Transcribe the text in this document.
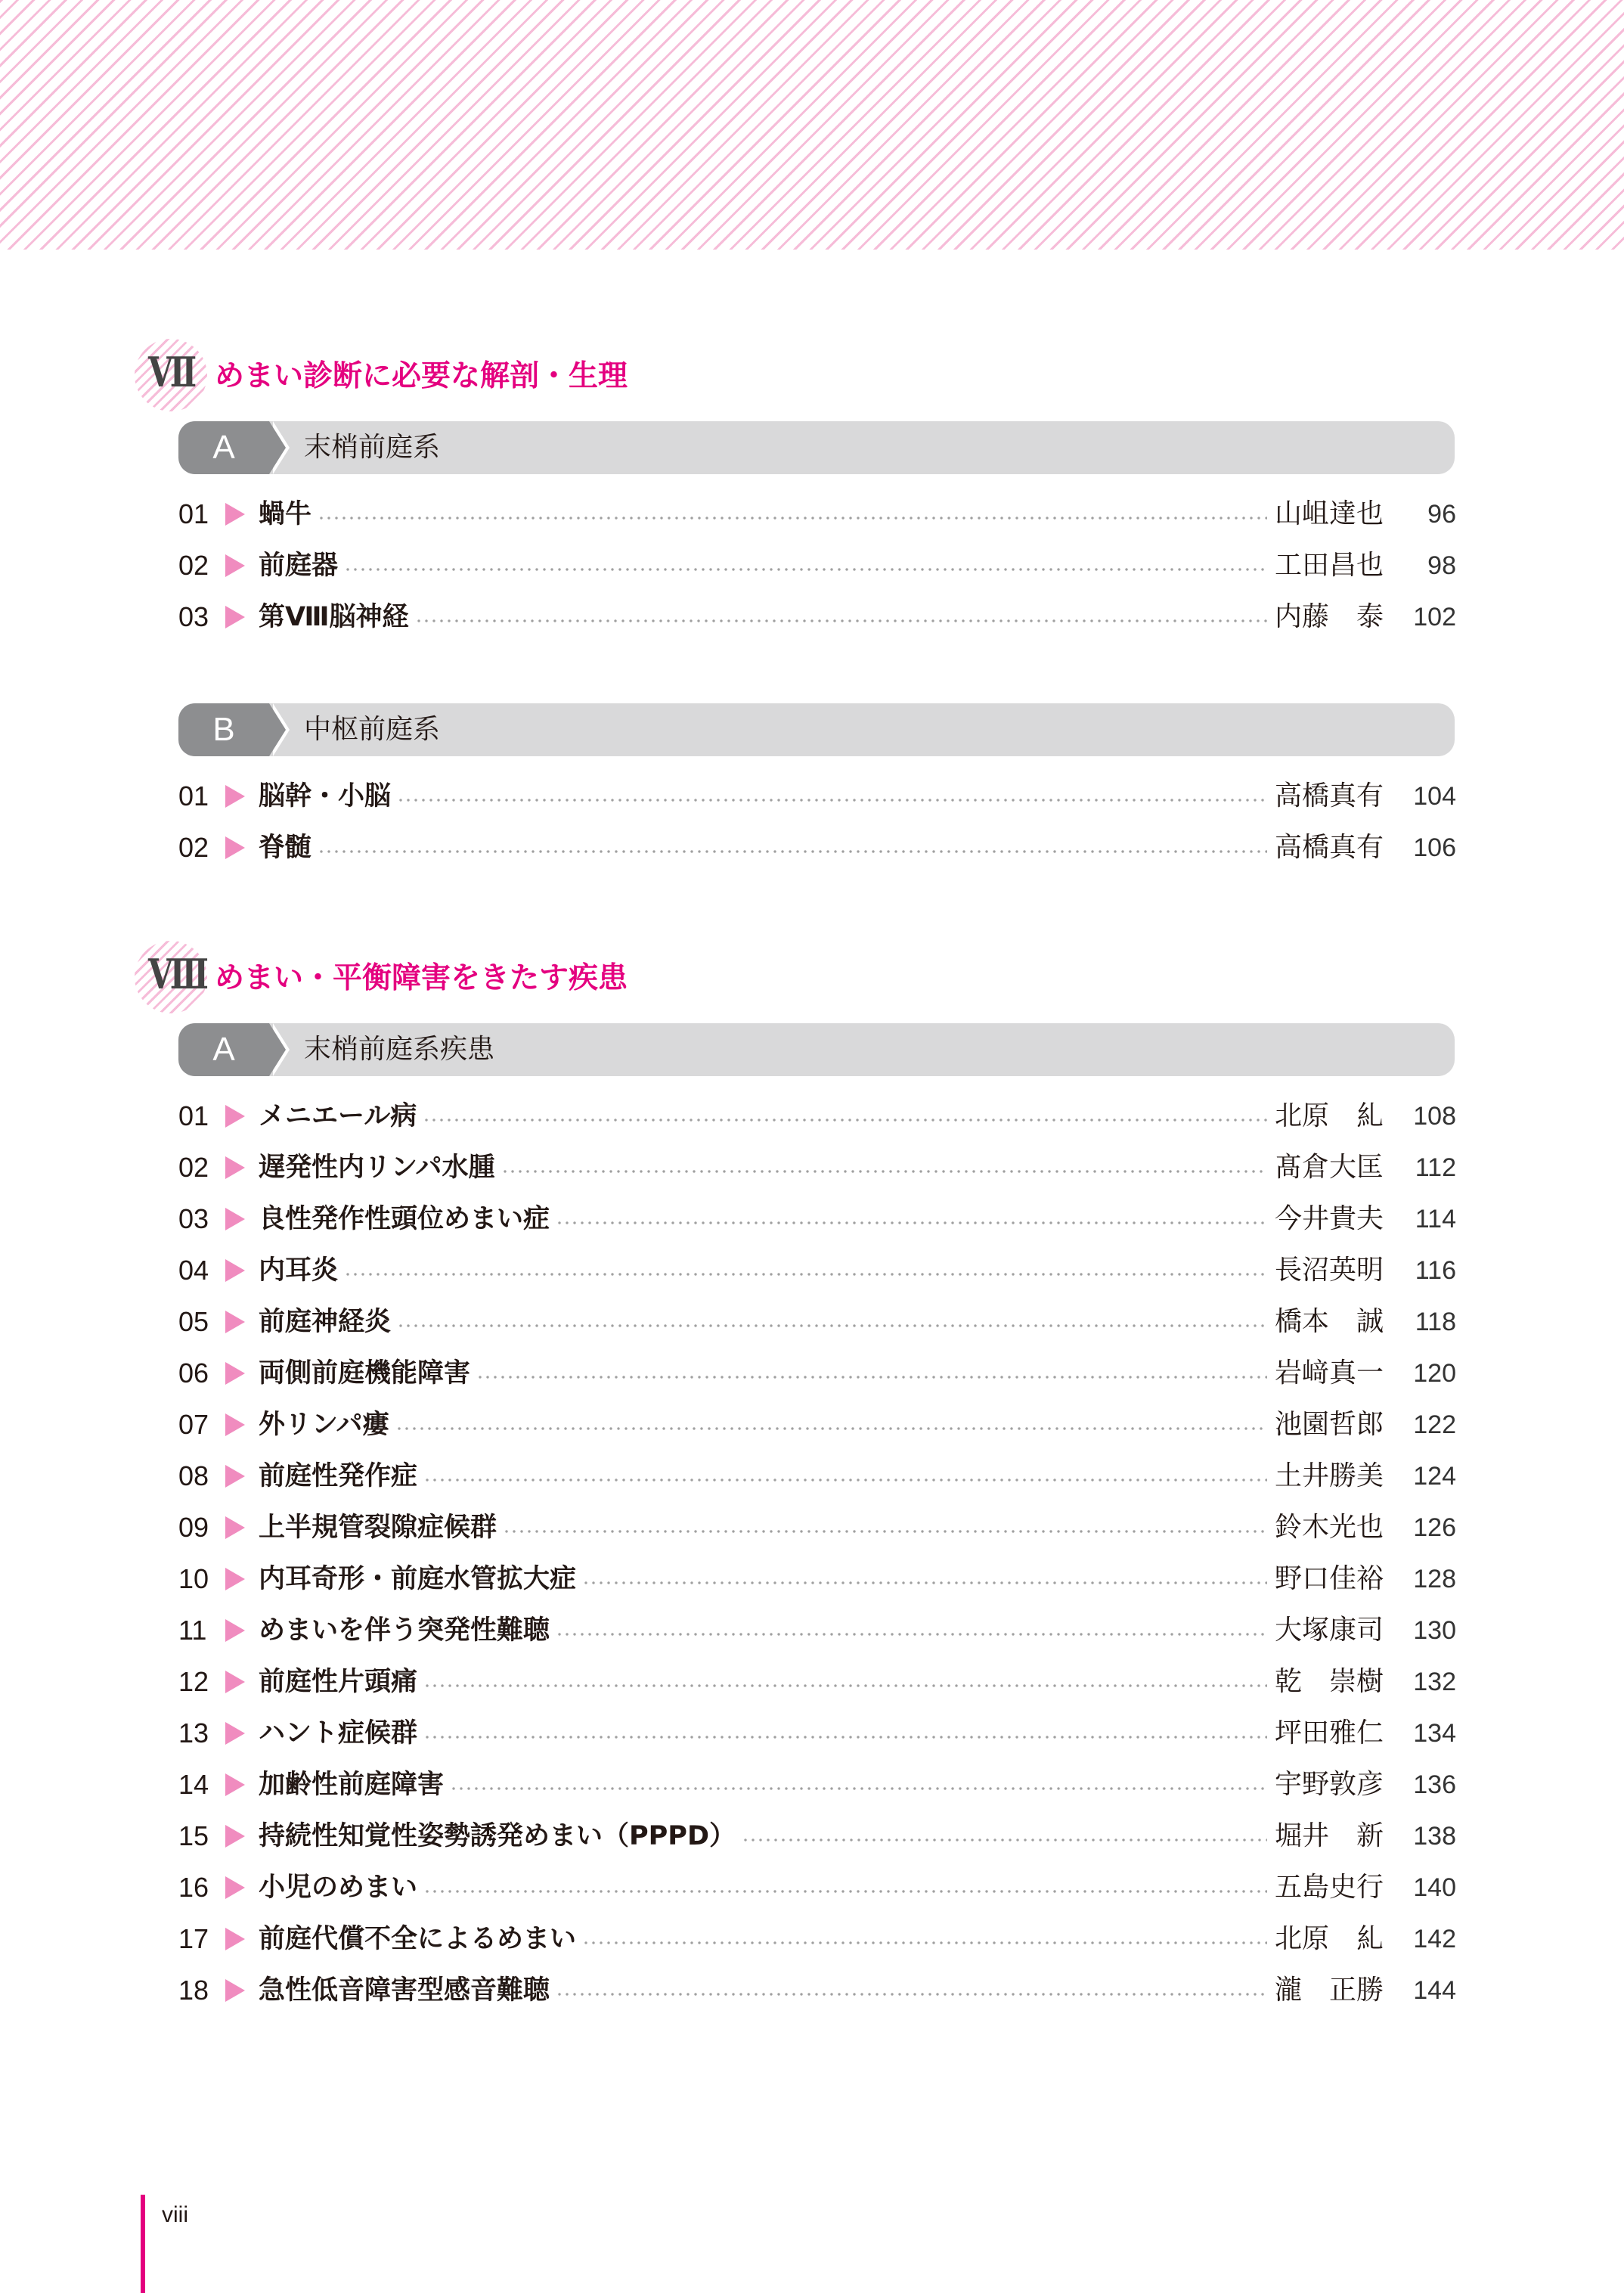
Ⅶ めまい診断に必要な解剖・生理
A	末梢前庭系
01	蝸牛	山岨達也	96
02	前庭器	工田昌也	98
03	第Ⅷ脳神経	内藤　泰	102
B	中枢前庭系
01	脳幹・小脳	高橋真有	104
02	脊髄	高橋真有	106
Ⅷ めまい・平衡障害をきたす疾患
A	末梢前庭系疾患
01	メニエール病	北原　糺	108
02	遅発性内リンパ水腫	髙倉大匡	112
03	良性発作性頭位めまい症	今井貴夫	114
04	内耳炎	長沼英明	116
05	前庭神経炎	橋本　誠	118
06	両側前庭機能障害	岩﨑真一	120
07	外リンパ瘻	池園哲郎	122
08	前庭性発作症	土井勝美	124
09	上半規管裂隙症候群	鈴木光也	126
10	内耳奇形・前庭水管拡大症	野口佳裕	128
11	めまいを伴う突発性難聴	大塚康司	130
12	前庭性片頭痛	乾　崇樹	132
13	ハント症候群	坪田雅仁	134
14	加齢性前庭障害	宇野敦彦	136
15	持続性知覚性姿勢誘発めまい（PPPD）	堀井　新	138
16	小児のめまい	五島史行	140
17	前庭代償不全によるめまい	北原　糺	142
18	急性低音障害型感音難聴	瀧　正勝	144
viii
